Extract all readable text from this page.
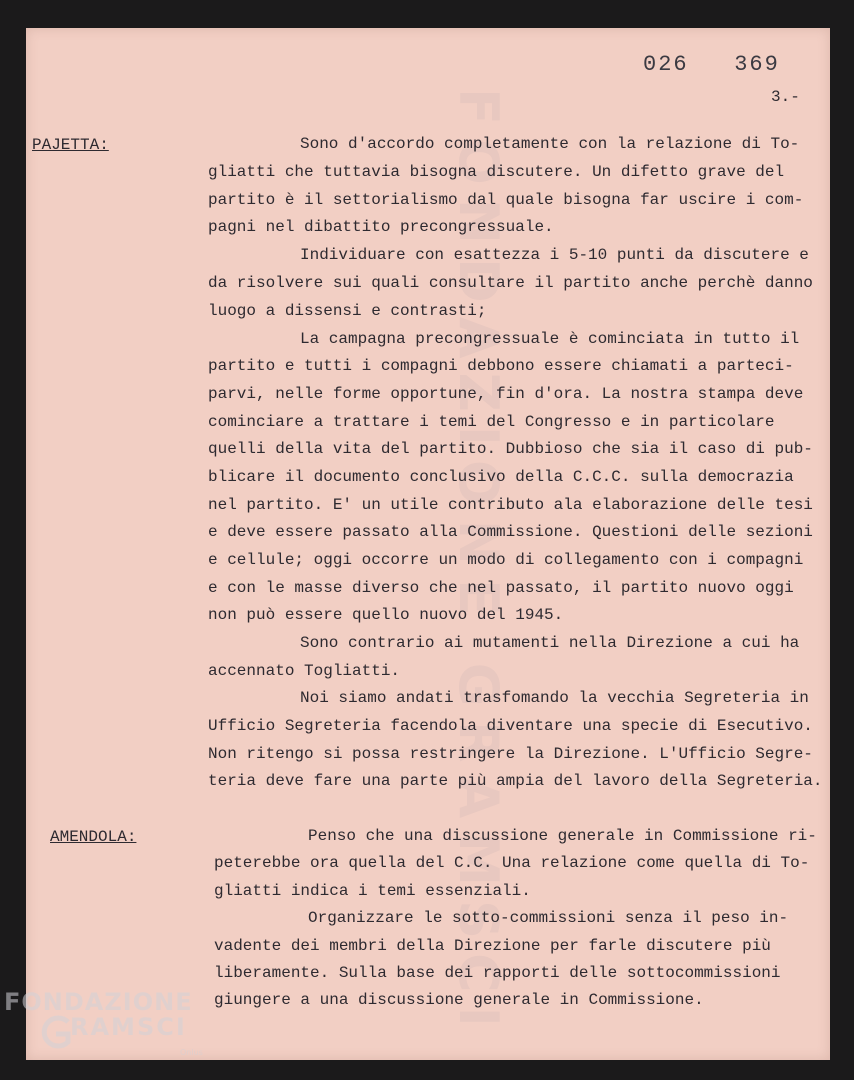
026 369
3.-
PAJETTA:	Sono d'accordo completamente con la relazione di To-
gliatti che tuttavia bisogna discutere. Un difetto grave del
partito è il settorialismo dal quale bisogna far uscire i com-
pagni nel dibattito precongressuale.
Individuare con esattezza i 5-10 punti da discutere e
da risolvere sui quali consultare il partito anche perchè danno
luogo a dissensi e contrasti;
La campagna precongressuale è cominciata in tutto il
partito e tutti i compagni debbono essere chiamati a parteci-
parvi, nelle forme opportune, fin d'ora. La nostra stampa deve
cominciare a trattare i temi del Congresso e in particolare
quelli della vita del partito. Dubbioso che sia il caso di pub-
blicare il documento conclusivo della C.C.C. sulla democrazia
nel partito. E' un utile contributo ala elaborazione delle tesi
e deve essere passato alla Commissione. Questioni delle sezioni
e cellule; oggi occorre un modo di collegamento con i compagni
e con le masse diverso che nel passato, il partito nuovo oggi
non può essere quello nuovo del 1945.
Sono contrario ai mutamenti nella Direzione a cui ha
accennato Togliatti.
Noi siamo andati trasfomando la vecchia Segreteria in
Ufficio Segreteria facendola diventare una specie di Esecutivo.
Non ritengo si possa restringere la Direzione. L'Ufficio Segre-
teria deve fare una parte più ampia del lavoro della Segreteria.
AMENDOLA:	Penso che una discussione generale in Commissione ri-
peterebbe ora quella del C.C. Una relazione come quella di To-
gliatti indica i temi essenziali.
Organizzare le sotto-commissioni senza il peso in-
vadente dei membri della Direzione per farle discutere più
liberamente. Sulla base dei rapporti delle sottocommissioni
giungere a una discussione generale in Commissione.
FONDAZIONE
RAMSCI
Onlus
